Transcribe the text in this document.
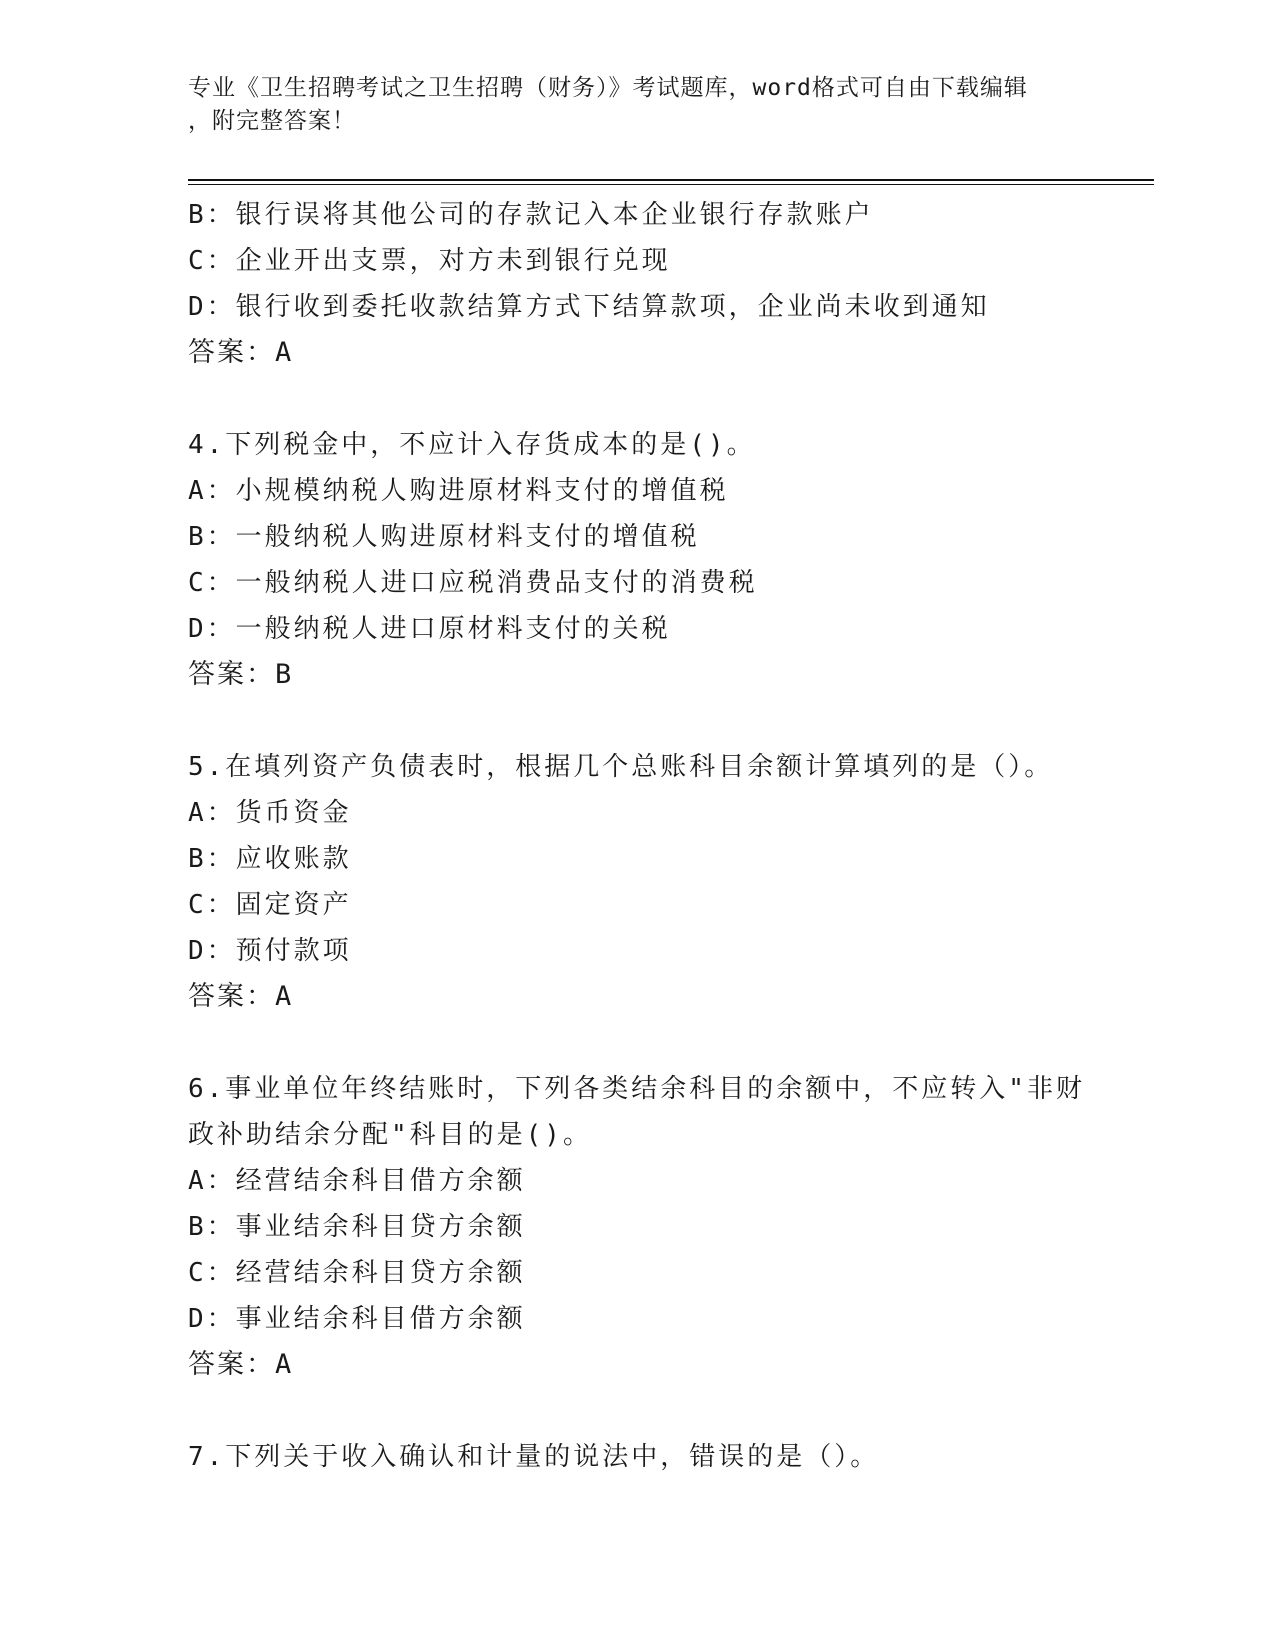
专业《卫生招聘考试之卫生招聘（财务）》考试题库，word格式可自由下载编辑
，附完整答案！
B：银行误将其他公司的存款记入本企业银行存款账户
C：企业开出支票，对方未到银行兑现
D：银行收到委托收款结算方式下结算款项，企业尚未收到通知
答案：A
4.下列税金中，不应计入存货成本的是()。
A：小规模纳税人购进原材料支付的增值税
B：一般纳税人购进原材料支付的增值税
C：一般纳税人进口应税消费品支付的消费税
D：一般纳税人进口原材料支付的关税
答案：B
5.在填列资产负债表时，根据几个总账科目余额计算填列的是（）。
A：货币资金
B：应收账款
C：固定资产
D：预付款项
答案：A
6.事业单位年终结账时，下列各类结余科目的余额中，不应转入"非财
政补助结余分配"科目的是()。
A：经营结余科目借方余额
B：事业结余科目贷方余额
C：经营结余科目贷方余额
D：事业结余科目借方余额
答案：A
7.下列关于收入确认和计量的说法中，错误的是（）。
